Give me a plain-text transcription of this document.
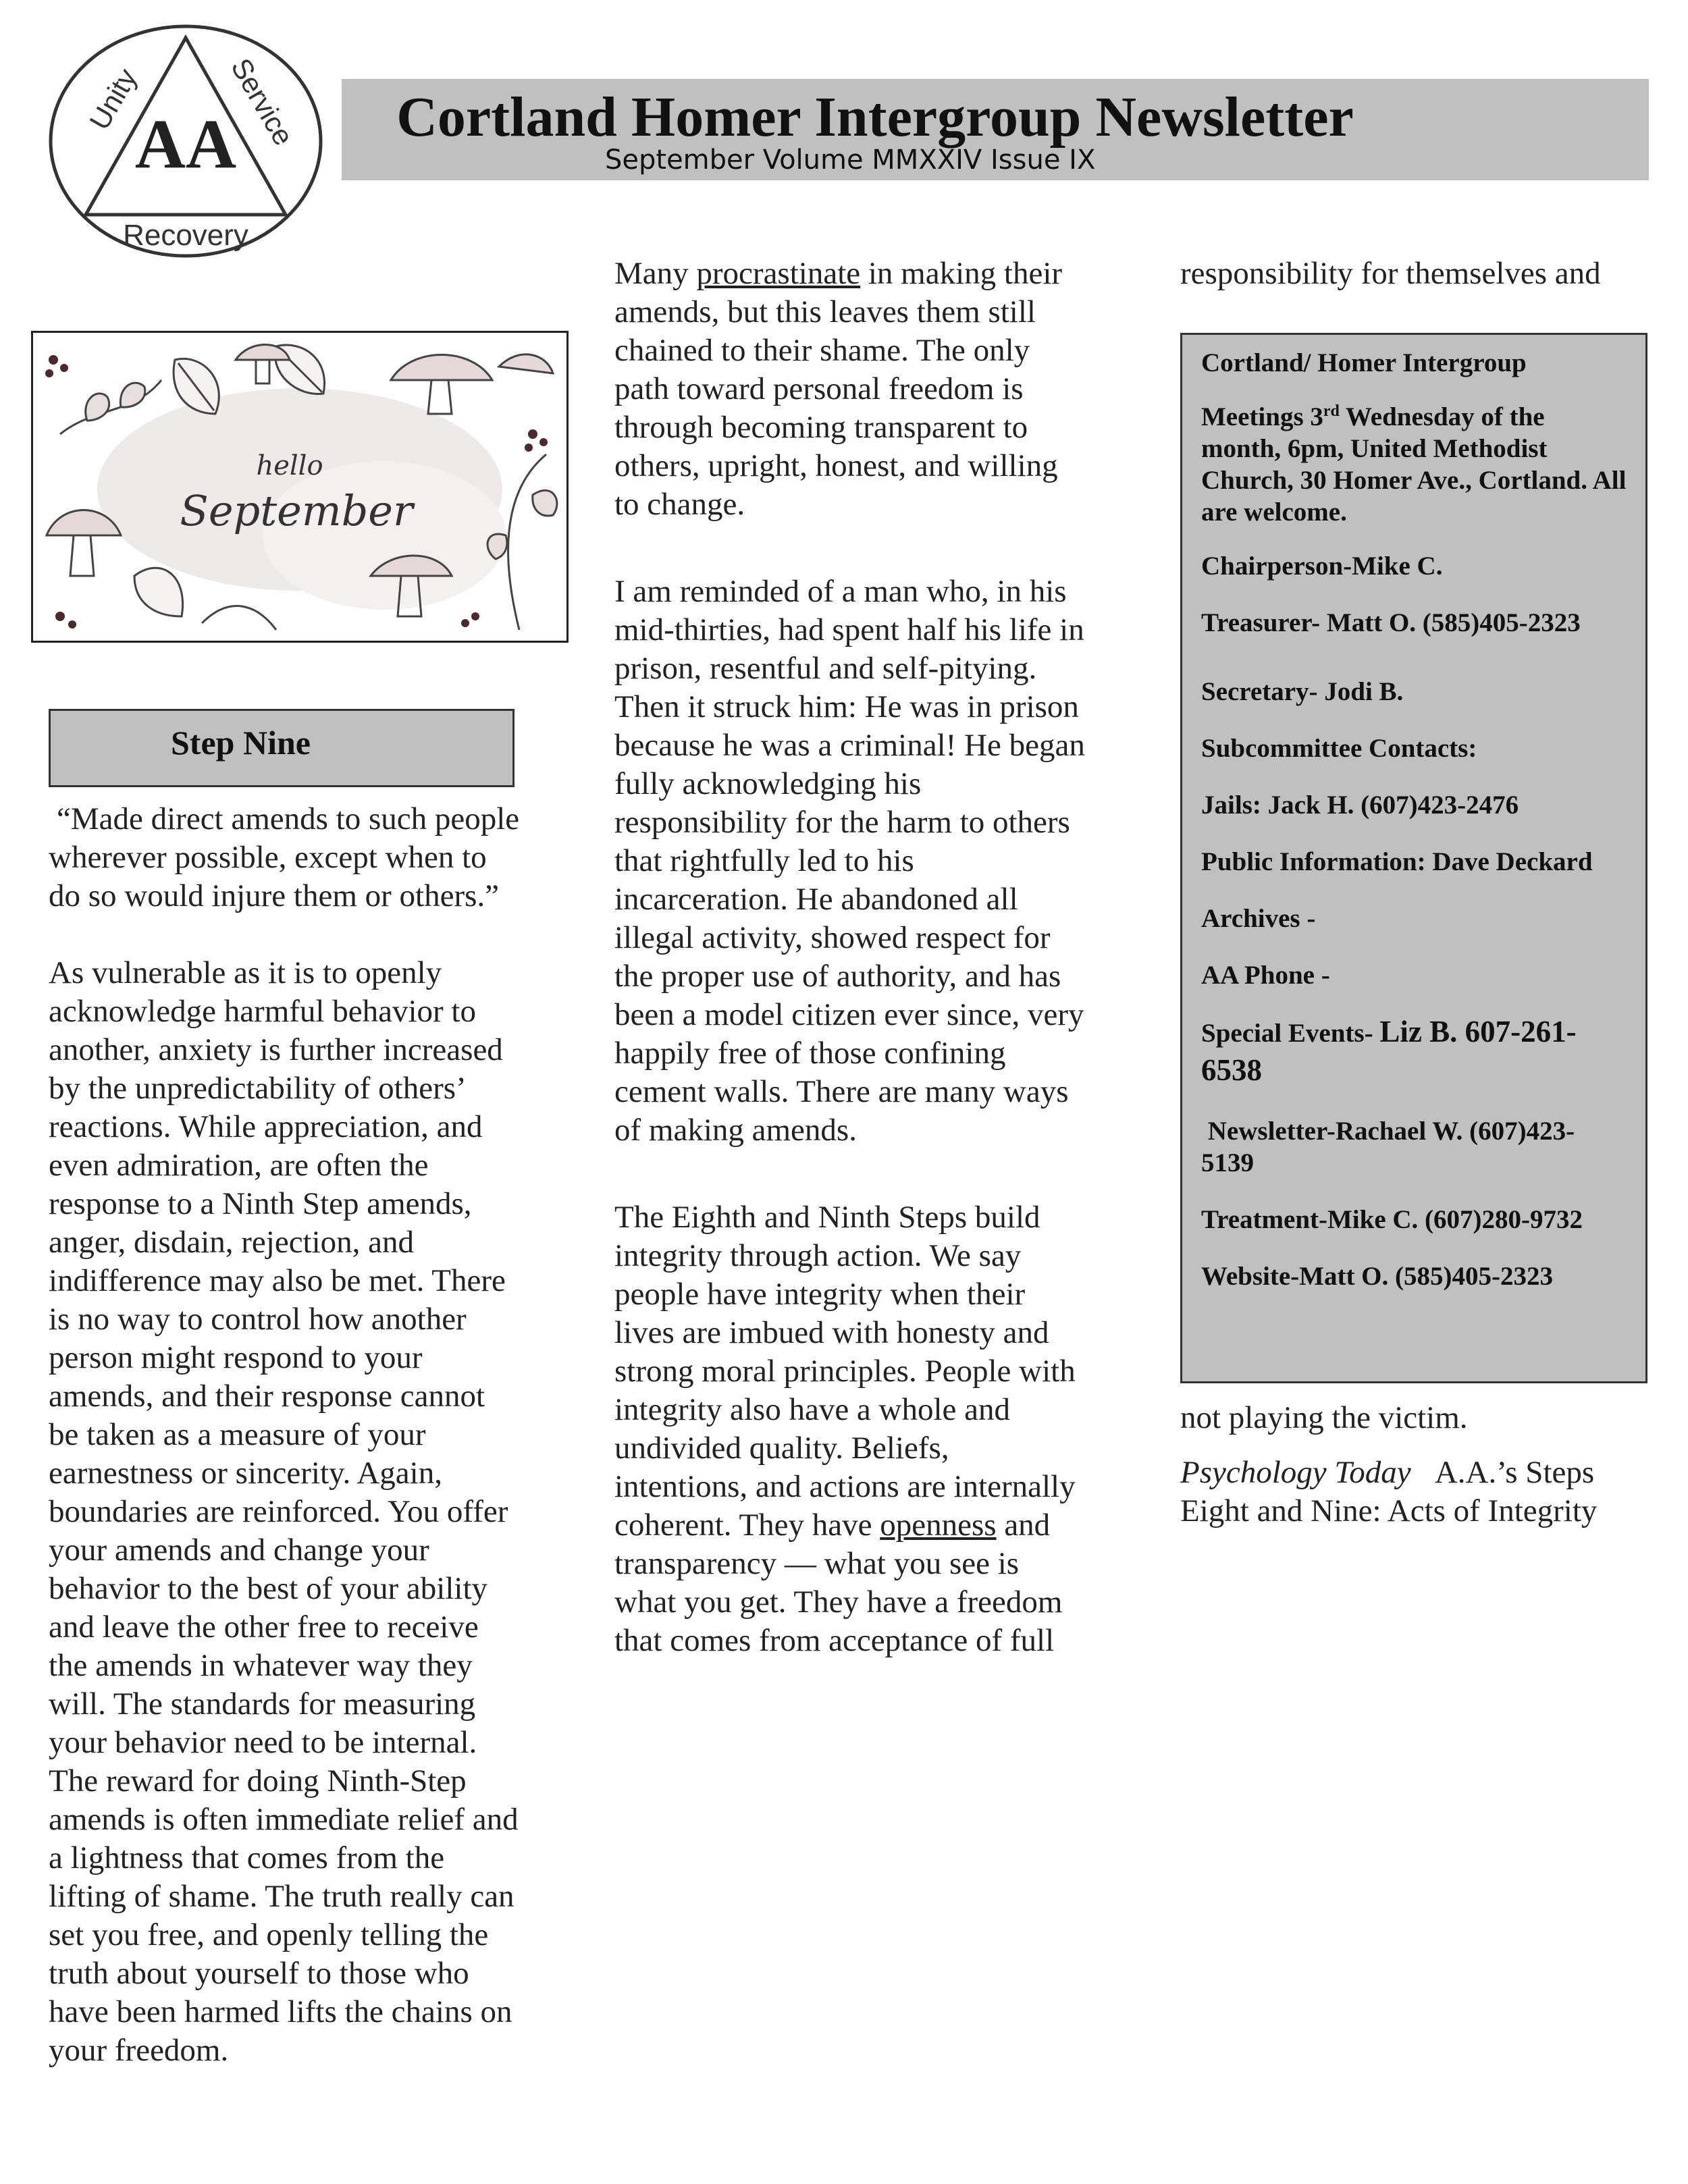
AA
Unity	Service
Recovery
Cortland Homer Intergroup Newsletter
September Volume MMXXIV Issue IX
hello
September
Step Nine

“Made direct amends to such people wherever possible, except when to do so would injure them or others.”

As vulnerable as it is to openly acknowledge harmful behavior to another, anxiety is further increased by the unpredictability of others’ reactions. While appreciation, and even admiration, are often the response to a Ninth Step amends, anger, disdain, rejection, and indifference may also be met. There is no way to control how another person might respond to your amends, and their response cannot be taken as a measure of your earnestness or sincerity. Again, boundaries are reinforced. You offer your amends and change your behavior to the best of your ability and leave the other free to receive the amends in whatever way they will. The standards for measuring your behavior need to be internal.

The reward for doing Ninth-Step amends is often immediate relief and a lightness that comes from the lifting of shame. The truth really can set you free, and openly telling the truth about yourself to those who have been harmed lifts the chains on your freedom.

Many procrastinate in making their amends, but this leaves them still chained to their shame. The only path toward personal freedom is through becoming transparent to others, upright, honest, and willing to change.

I am reminded of a man who, in his mid-thirties, had spent half his life in prison, resentful and self-pitying. Then it struck him: He was in prison because he was a criminal! He began fully acknowledging his responsibility for the harm to others that rightfully led to his incarceration. He abandoned all illegal activity, showed respect for the proper use of authority, and has been a model citizen ever since, very happily free of those confining cement walls. There are many ways of making amends.

The Eighth and Ninth Steps build integrity through action. We say people have integrity when their lives are imbued with honesty and strong moral principles. People with integrity also have a whole and undivided quality. Beliefs, intentions, and actions are internally coherent. They have openness and transparency — what you see is what you get. They have a freedom that comes from acceptance of full

responsibility for themselves and

Cortland/ Homer Intergroup

Meetings 3rd Wednesday of the month, 6pm, United Methodist Church, 30 Homer Ave., Cortland. All are welcome.

Chairperson-Mike C.

Treasurer- Matt O. (585)405-2323

Secretary- Jodi B.

Subcommittee Contacts:

Jails: Jack H. (607)423-2476

Public Information: Dave Deckard

Archives -

AA Phone -

Special Events- Liz B. 607-261-6538

Newsletter-Rachael W. (607)423-5139

Treatment-Mike C. (607)280-9732

Website-Matt O. (585)405-2323

not playing the victim.

Psychology Today A.A.’s Steps Eight and Nine: Acts of Integrity
